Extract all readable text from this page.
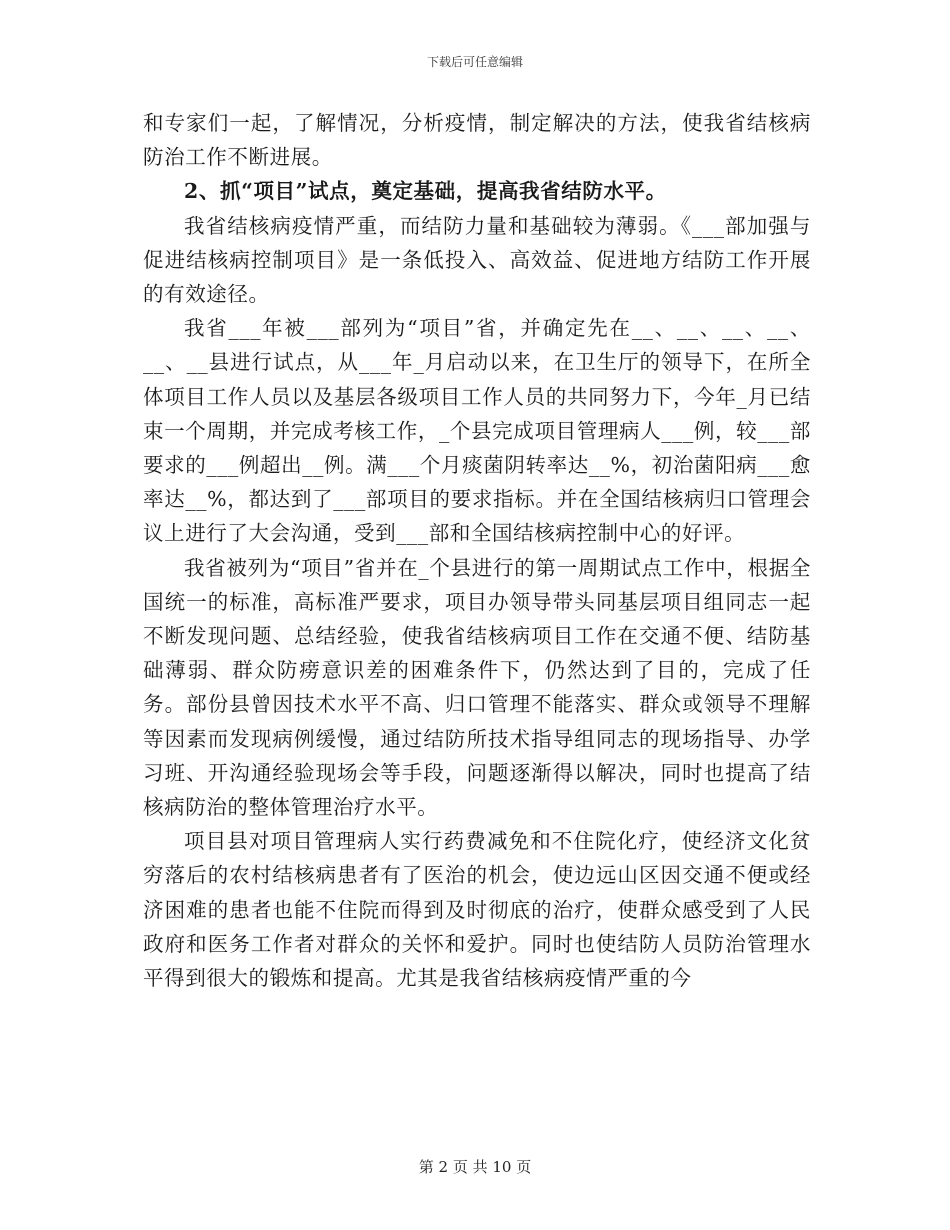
下载后可任意编辑

和专家们一起，了解情况，分析疫情，制定解决的方法，使我省结核病防治工作不断进展。

2、抓“项目”试点，奠定基础，提高我省结防水平。

我省结核病疫情严重，而结防力量和基础较为薄弱。《___部加强与促进结核病控制项目》是一条低投入、高效益、促进地方结防工作开展的有效途径。

我省___年被___部列为“项目”省，并确定先在__、__、__、__、__、__县进行试点，从___年_月启动以来，在卫生厅的领导下，在所全体项目工作人员以及基层各级项目工作人员的共同努力下，今年_月已结束一个周期，并完成考核工作，_个县完成项目管理病人___例，较___部要求的___例超出__例。满___个月痰菌阴转率达__%，初治菌阳病___愈率达__%，都达到了___部项目的要求指标。并在全国结核病归口管理会议上进行了大会沟通，受到___部和全国结核病控制中心的好评。

我省被列为“项目”省并在_个县进行的第一周期试点工作中，根据全国统一的标准，高标准严要求，项目办领导带头同基层项目组同志一起不断发现问题、总结经验，使我省结核病项目工作在交通不便、结防基础薄弱、群众防痨意识差的困难条件下，仍然达到了目的，完成了任务。部份县曾因技术水平不高、归口管理不能落实、群众或领导不理解等因素而发现病例缓慢，通过结防所技术指导组同志的现场指导、办学习班、开沟通经验现场会等手段，问题逐渐得以解决，同时也提高了结核病防治的整体管理治疗水平。

项目县对项目管理病人实行药费减免和不住院化疗，使经济文化贫穷落后的农村结核病患者有了医治的机会，使边远山区因交通不便或经济困难的患者也能不住院而得到及时彻底的治疗，使群众感受到了人民政府和医务工作者对群众的关怀和爱护。同时也使结防人员防治管理水平得到很大的锻炼和提高。尤其是我省结核病疫情严重的今

第 2 页 共 10 页
